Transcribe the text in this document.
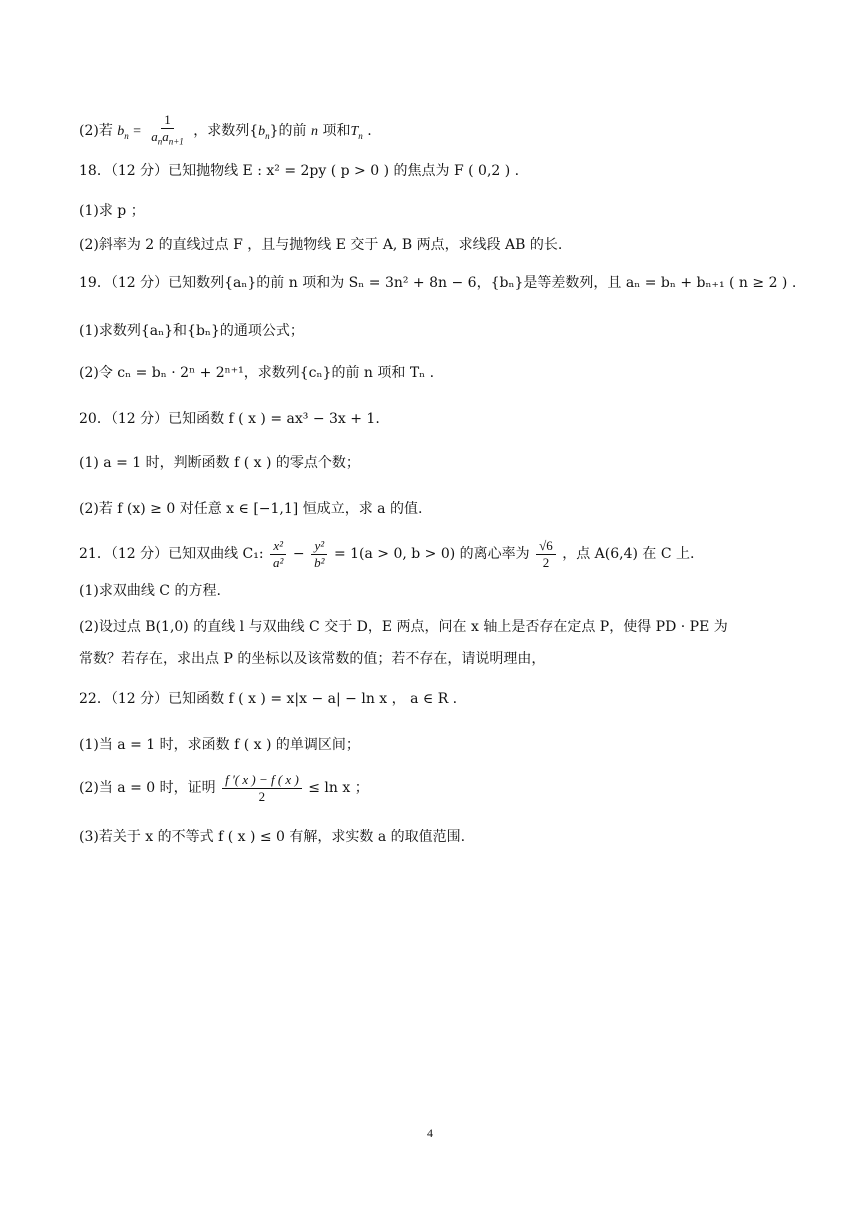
(2)若 $b_n = \frac{1}{a_na_{n+1}}$ ，求数列$\{b_n\}$的前 n 项和$T_n$ .
18．（12 分）已知抛物线 E : x² = 2py ( p > 0 ) 的焦点为 F ( 0,2 ) .
(1)求 p ；
(2)斜率为 2 的直线过点 F ，且与抛物线 E 交于 A, B 两点，求线段 AB 的长.
19．（12 分）已知数列{aₙ}的前 n 项和为 Sₙ = 3n² + 8n − 6，{bₙ}是等差数列，且 aₙ = bₙ + bₙ₊₁ ( n ≥ 2 ) .
(1)求数列{aₙ}和{bₙ}的通项公式；
(2)令 cₙ = bₙ · 2ⁿ + 2ⁿ⁺¹，求数列{cₙ}的前 n 项和 Tₙ .
20．（12 分）已知函数 f ( x ) = ax³ − 3x + 1.
(1) a = 1 时，判断函数 f ( x ) 的零点个数；
(2)若 f (x) ≥ 0 对任意 x ∈ [−1,1] 恒成立，求 a 的值.
21．（12 分）已知双曲线 C₁: $\frac{\text{x²}}{\text{a²}} - \frac{\text{y²}}{\text{b²}} = 1(a > 0$, b > 0) 的离心率为 $\frac{√6}{2}$ ，点 A(6,4) 在 C 上.
(1)求双曲线 C 的方程.
(2)设过点 B(1,0) 的直线 l 与双曲线 C 交于 D，E 两点，问在 x 轴上是否存在定点 P，使得 PD · PE 为
常数？若存在，求出点 P 的坐标以及该常数的值；若不存在，请说明理由，
22．（12 分）已知函数 f ( x ) = x|x − a| − ln x ， a ∈ R .
(1)当 a = 1 时，求函数 f ( x ) 的单调区间；
(2)当 a = 0 时，证明 $\frac{f '( x ) - f ( x )}{2} \le \ln x$ ；
(3)若关于 x 的不等式 f ( x ) ≤ 0 有解，求实数 a 的取值范围.
4
